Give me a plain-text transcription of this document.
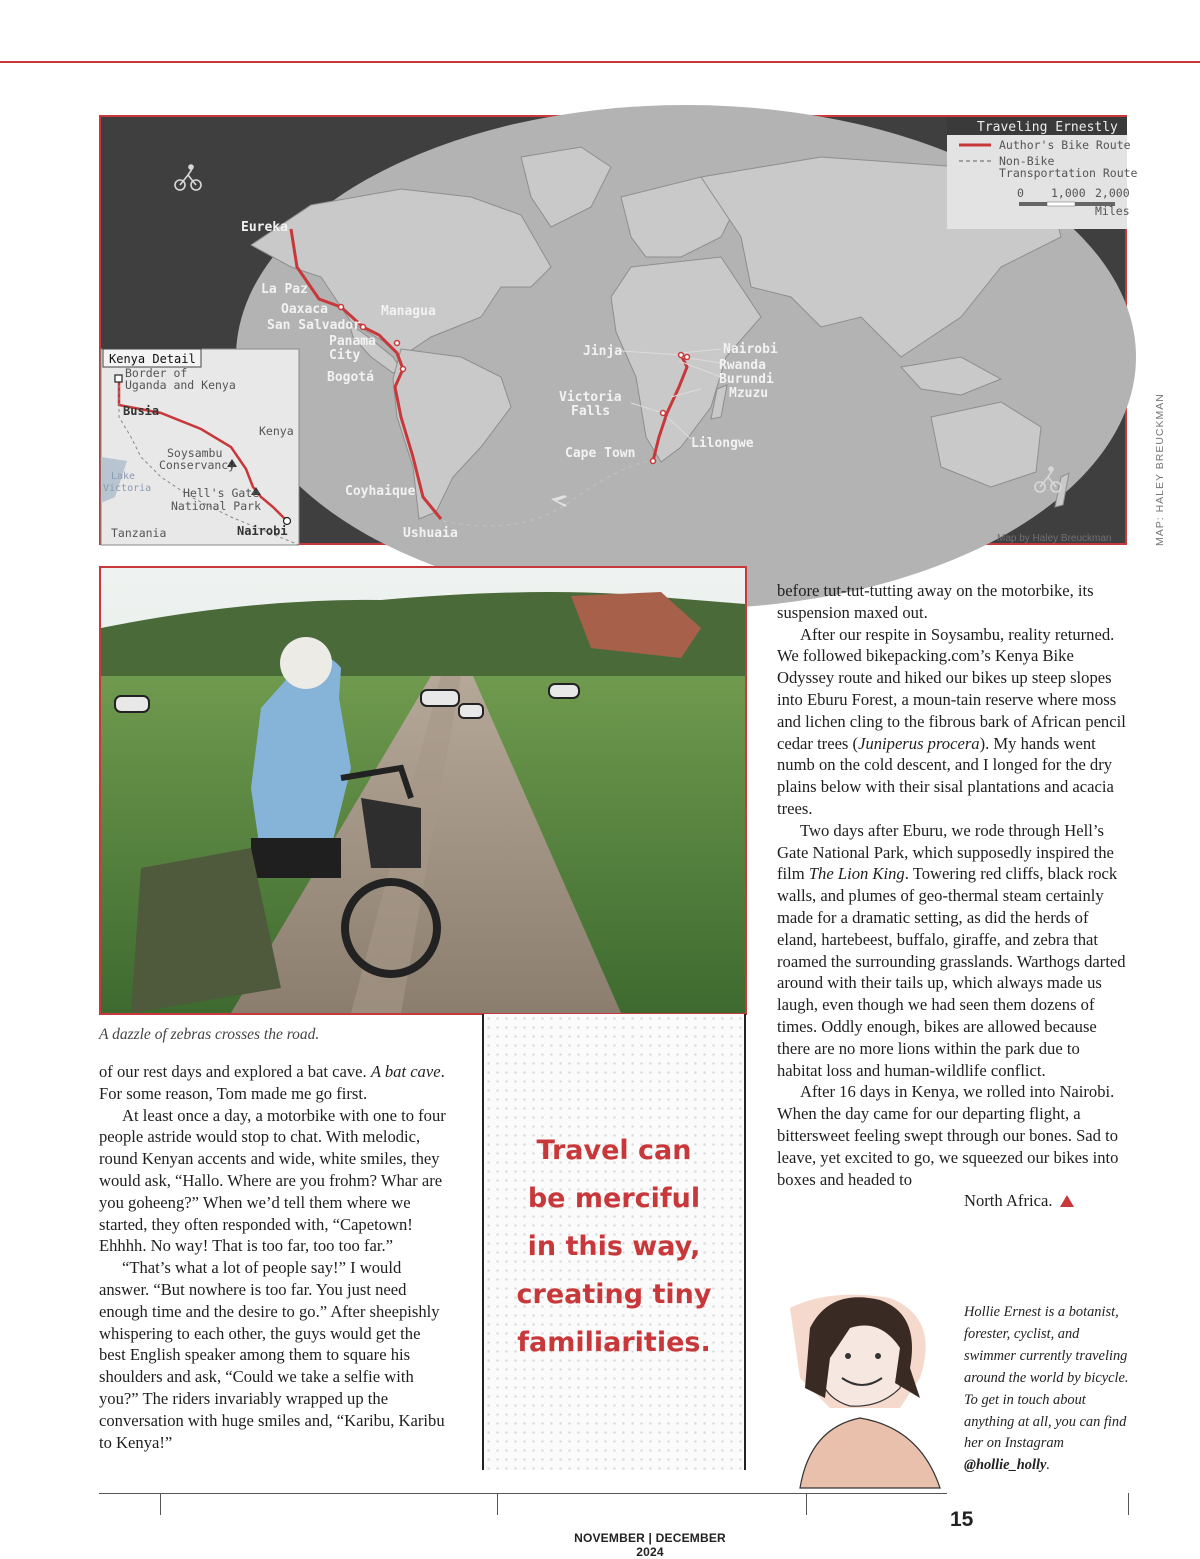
Eureka
La Paz
Oaxaca	Managua
San Salvador
Panama
City
Bogotá
Coyhaique
Ushuaia
Cape Town
Victoria
Falls
Jinja	Nairobi
Rwanda
Burundi
Mzuzu
Lilongwe
Traveling Ernestly
Author's Bike Route
Non-Bike
Transportation Route
0 1,000 2,000
Miles
Kenya Detail
Border of
Uganda and Kenya
Busia
Kenya
Soysambu
Conservancy
Lake
Victoria	Hell's Gate
National Park
Tanzania	Nairobi
Map by Haley Breuckman	MAP: HALEY BREUCKMAN
A dazzle of zebras crosses the road.

of our rest days and explored a bat cave. A bat cave. For some reason, Tom made me go first.

At least once a day, a motorbike with one to four people astride would stop to chat. With melodic, round Kenyan accents and wide, white smiles, they would ask, “Hallo. Where are you frohm? Whar are you goheeng?” When we’d tell them where we started, they often responded with, “Capetown! Ehhhh. No way! That is too far, too too far.”

“That’s what a lot of people say!” I would answer. “But nowhere is too far. You just need enough time and the desire to go.” After sheepishly whispering to each other, the guys would get the best English speaker among them to square his shoulders and ask, “Could we take a selfie with you?” The riders invariably wrapped up the conversation with huge smiles and, “Karibu, Karibu to Kenya!”

Travel can
be merciful
in this way,
creating tiny
familiarities.

before tut-tut-tutting away on the motorbike, its suspension maxed out.

After our respite in Soysambu, reality returned. We followed bikepacking.com’s Kenya Bike Odyssey route and hiked our bikes up steep slopes into Eburu Forest, a moun-tain reserve where moss and lichen cling to the fibrous bark of African pencil cedar trees (Juniperus procera). My hands went numb on the cold descent, and I longed for the dry plains below with their sisal plantations and acacia trees.

Two days after Eburu, we rode through Hell’s Gate National Park, which supposedly inspired the film The Lion King. Towering red cliffs, black rock walls, and plumes of geo-thermal steam certainly made for a dramatic setting, as did the herds of eland, hartebeest, buffalo, giraffe, and zebra that roamed the surrounding grasslands. Warthogs darted around with their tails up, which always made us laugh, even though we had seen them dozens of times. Oddly enough, bikes are allowed because there are no more lions within the park due to habitat loss and human-wildlife conflict.

After 16 days in Kenya, we rolled into Nairobi. When the day came for our departing flight, a bittersweet feeling swept through our bones. Sad to leave, yet excited to go, we squeezed our bikes into boxes and headed to

North Africa.

Hollie Ernest is a botanist, forester, cyclist, and swimmer currently traveling around the world by bicycle. To get in touch about anything at all, you can find her on Instagram @hollie_holly.
15
NOVEMBER | DECEMBER 2024
